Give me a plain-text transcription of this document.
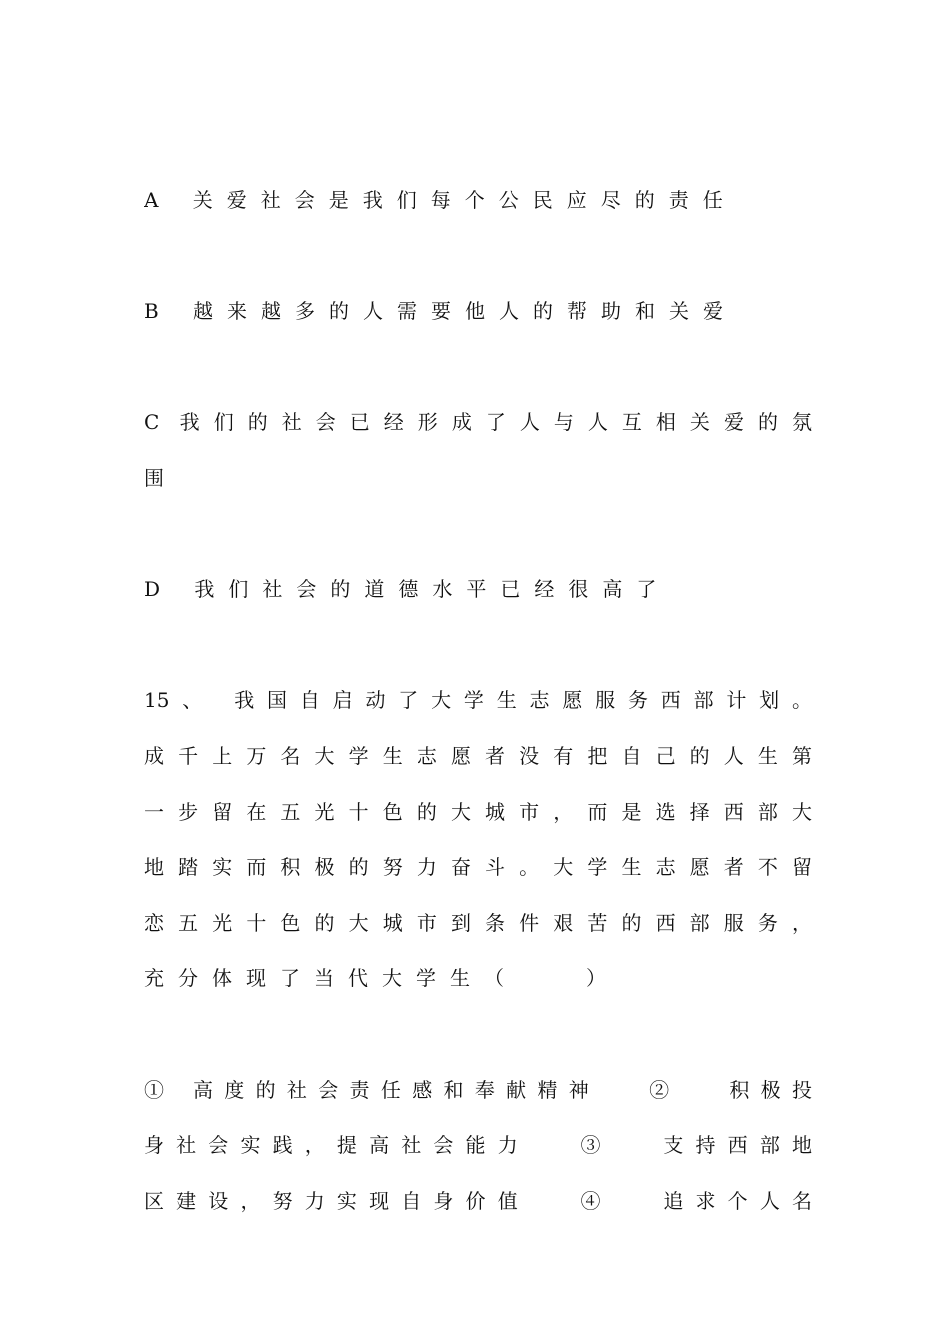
A 关爱社会是我们每个公民应尽的责任
B 越来越多的人需要他人的帮助和关爱
C 我们的社会已经形成了人与人互相关爱的氛
围
D 我们社会的道德水平已经很高了
15、 我国自启动了大学生志愿服务西部计划。
成千上万名大学生志愿者没有把自己的人生第
一步留在五光十色的大城市，而是选择西部大
地踏实而积极的努力奋斗。大学生志愿者不留
恋五光十色的大城市到条件艰苦的西部服务，
充分体现了当代大学生（　　）
① 高度的社会责任感和奉献精神　 ②　 积极投
身社会实践，提高社会能力　 ③　 支持西部地
区建设，努力实现自身价值　 ④　 追求个人名
